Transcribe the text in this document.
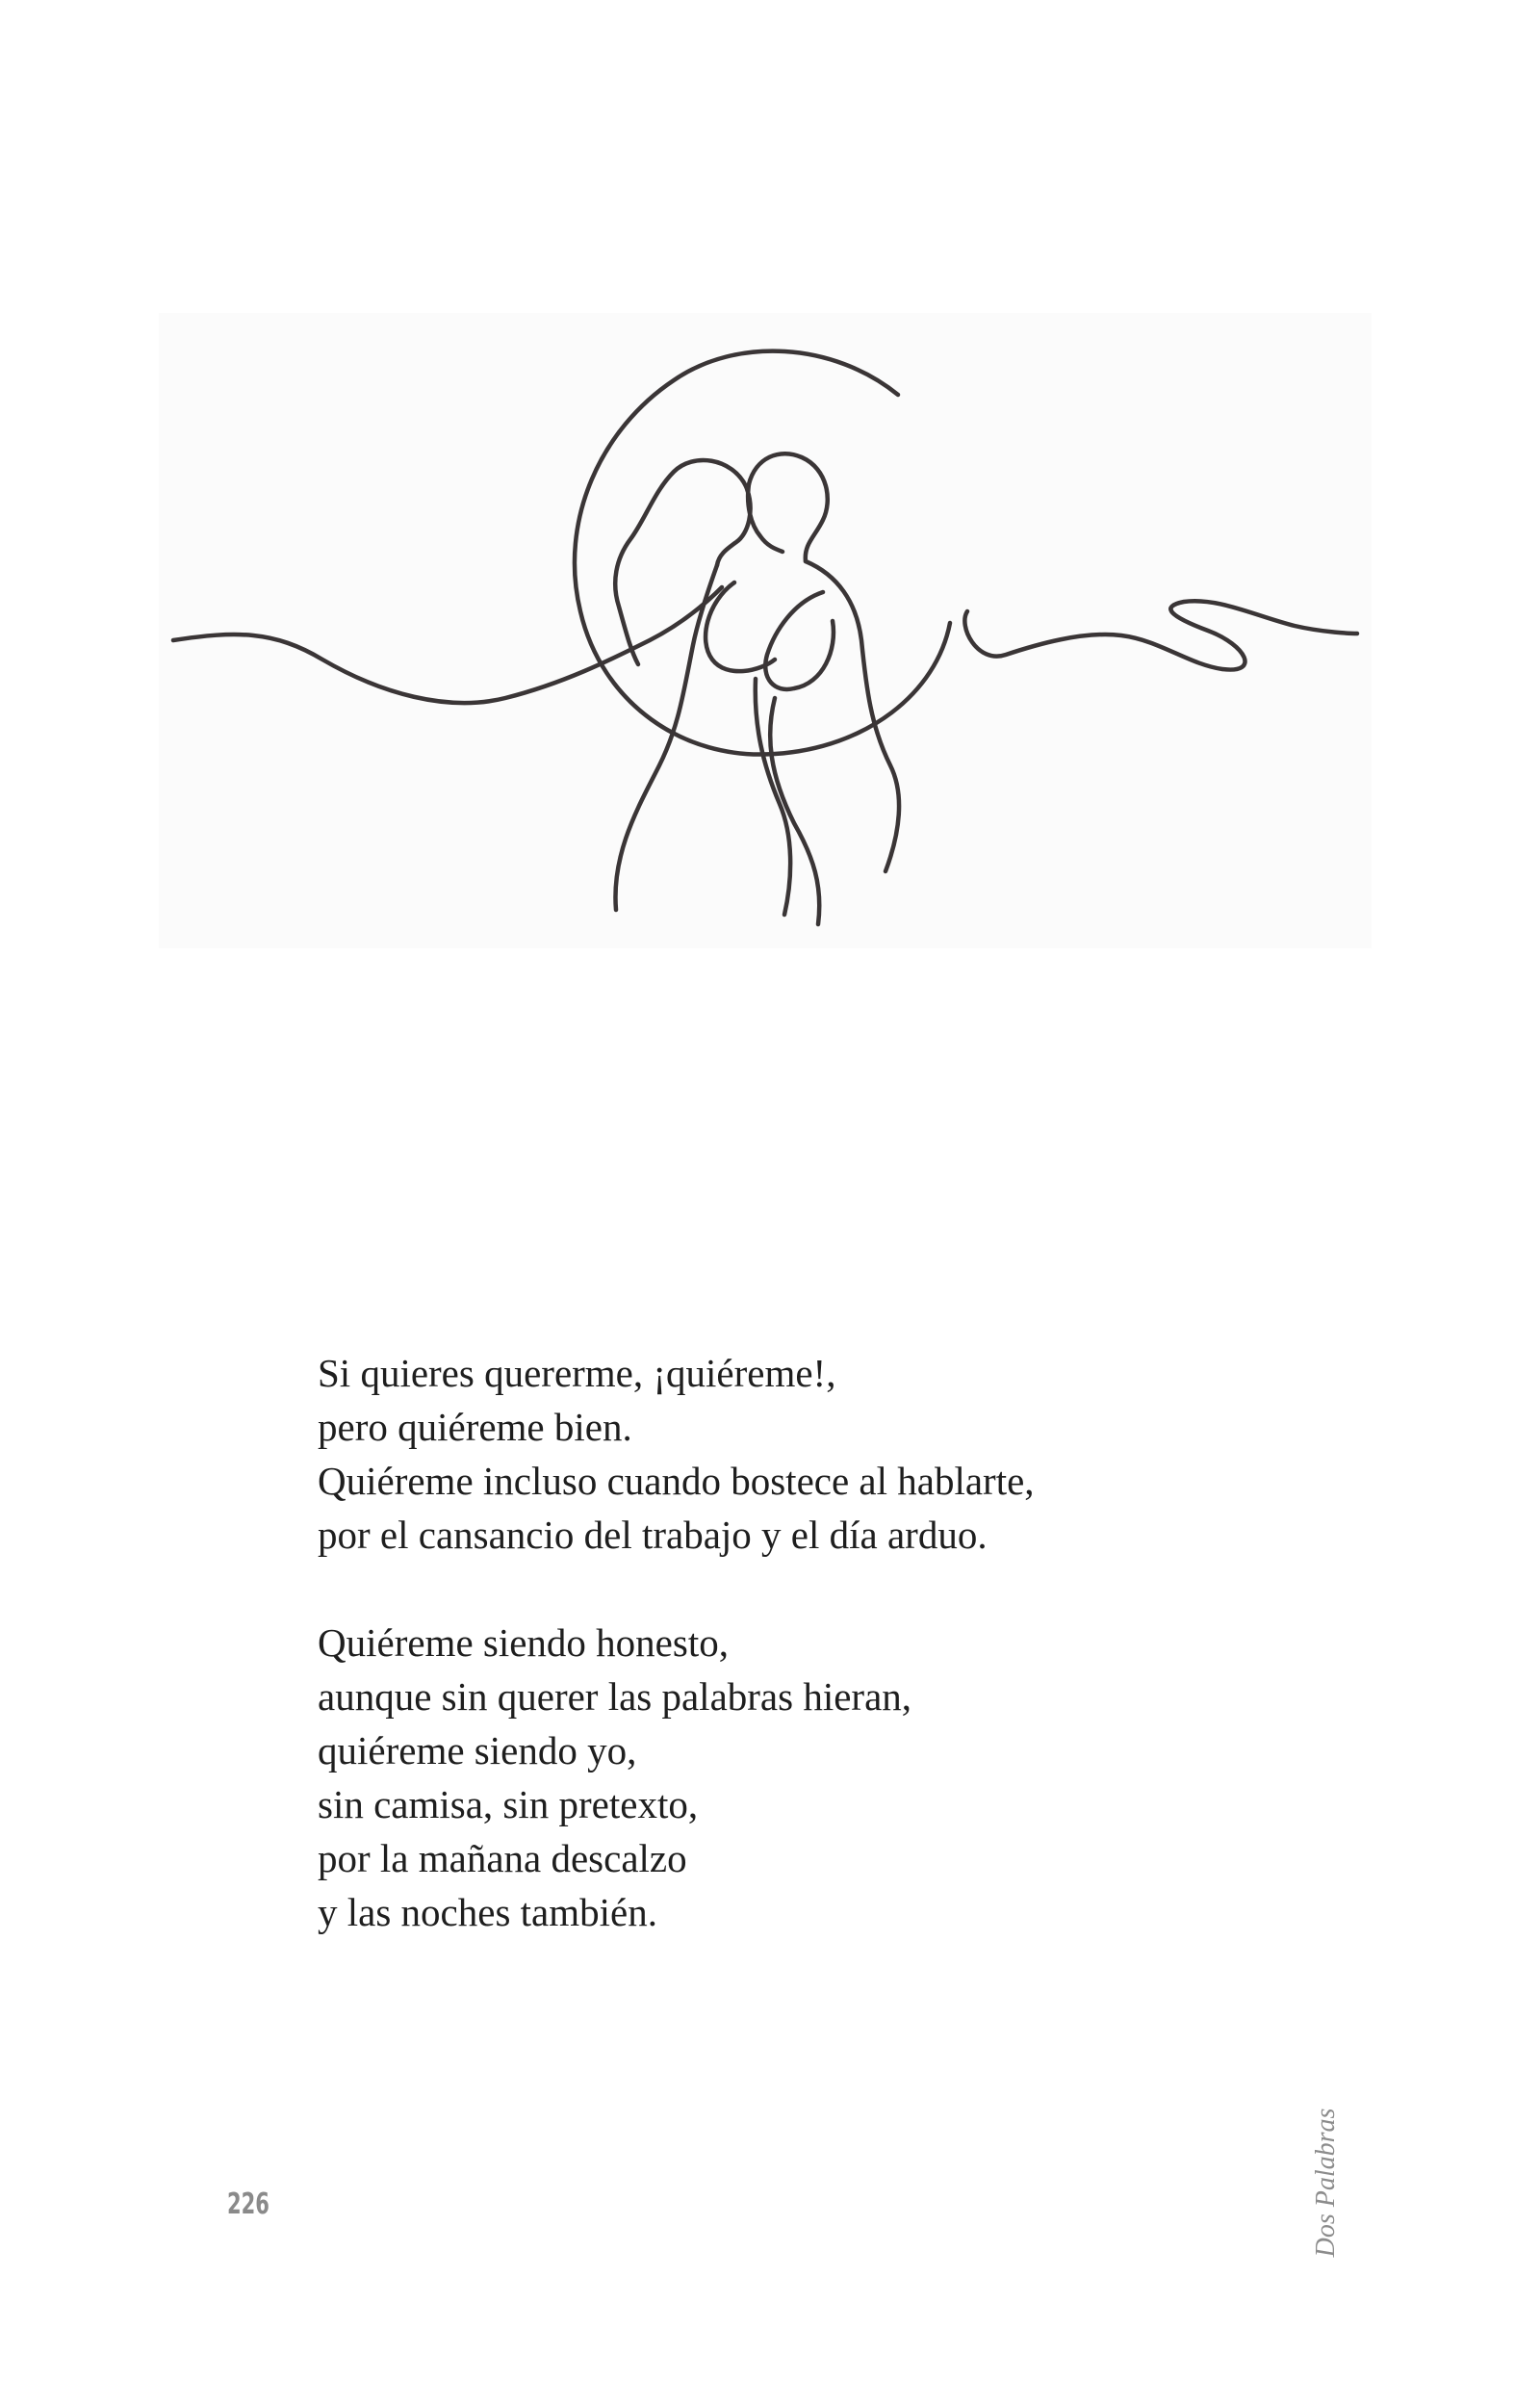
Si quieres quererme, ¡quiéreme!,
pero quiéreme bien.
Quiéreme incluso cuando bostece al hablarte,
por el cansancio del trabajo y el día arduo.
Quiéreme siendo honesto,
aunque sin querer las palabras hieran,
quiéreme siendo yo,
sin camisa, sin pretexto,
por la mañana descalzo
y las noches también.
226	Dos Palabras
